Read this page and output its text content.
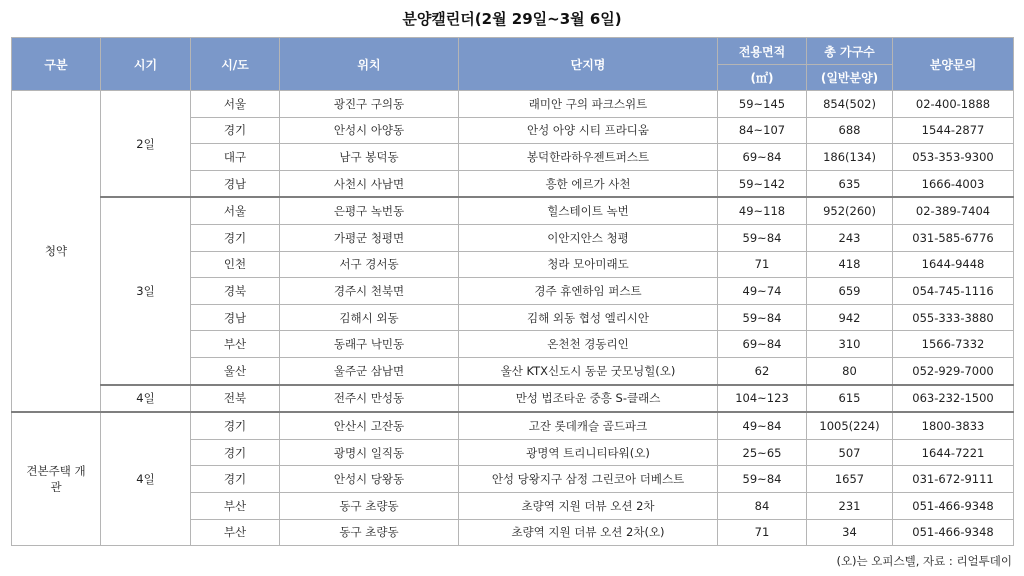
분양캘린더(2월 29일~3월 6일)
구분	시기	시/도	위치	단지명	전용면적	총 가구수	분양문의
					(㎡)	(일반분양)	
청약	2일	서울	광진구 구의동	래미안 구의 파크스위트	59~145	854(502)	02-400-1888
		경기	안성시 아양동	안성 아양 시티 프라디움	84~107	688	1544-2877
		대구	남구 봉덕동	봉덕한라하우젠트퍼스트	69~84	186(134)	053-353-9300
		경남	사천시 사남면	흥한 에르가 사천	59~142	635	1666-4003
	3일	서울	은평구 녹번동	힐스테이트 녹번	49~118	952(260)	02-389-7404
		경기	가평군 청평면	이안지안스 청평	59~84	243	031-585-6776
		인천	서구 경서동	청라 모아미래도	71	418	1644-9448
		경북	경주시 천북면	경주 휴엔하임 퍼스트	49~74	659	054-745-1116
		경남	김해시 외동	김해 외동 협성 엘리시안	59~84	942	055-333-3880
		부산	동래구 낙민동	온천천 경동리인	69~84	310	1566-7332
		울산	울주군 삼남면	울산 KTX신도시 동문 굿모닝힐(오)	62	80	052-929-7000
	4일	전북	전주시 만성동	만성 법조타운 중흥 S-클래스	104~123	615	063-232-1500
견본주택 개관	4일	경기	안산시 고잔동	고잔 롯데캐슬 골드파크	49~84	1005(224)	1800-3833
		경기	광명시 일직동	광명역 트리니티타워(오)	25~65	507	1644-7221
		경기	안성시 당왕동	안성 당왕지구 삼정 그린코아 더베스트	59~84	1657	031-672-9111
		부산	동구 초량동	초량역 지원 더뷰 오션 2차	84	231	051-466-9348
		부산	동구 초량동	초량역 지원 더뷰 오션 2차(오)	71	34	051-466-9348
(오)는 오피스텔, 자료 : 리얼투데이
